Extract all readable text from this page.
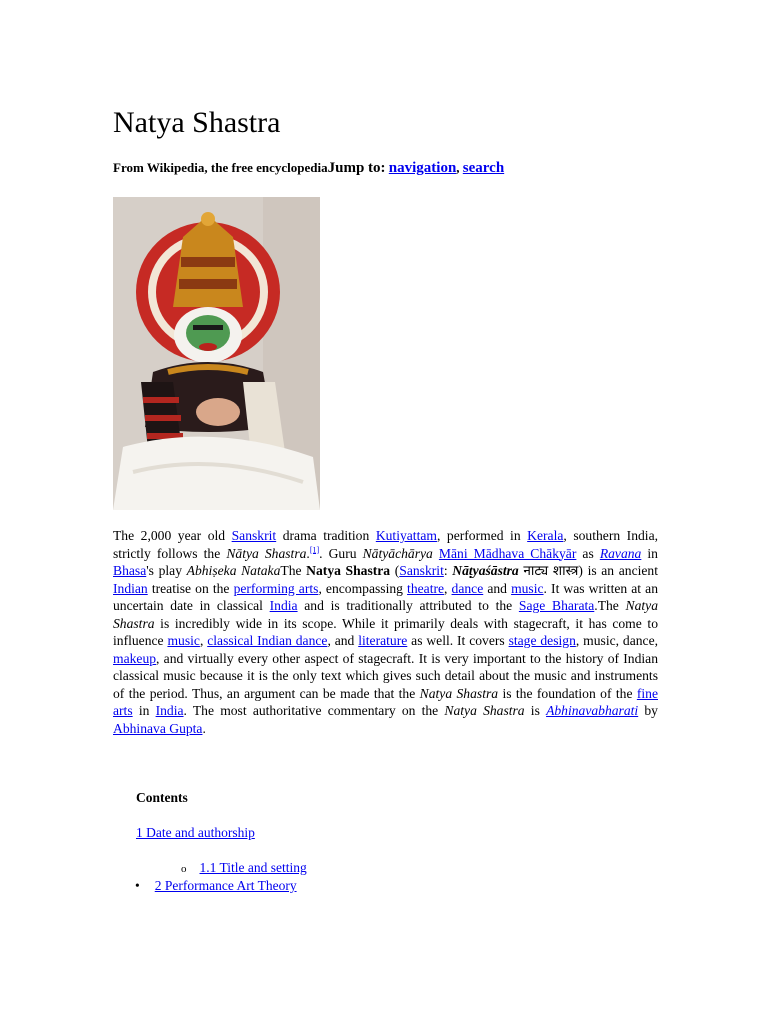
Natya Shastra
From Wikipedia, the free encyclopediaJump to: navigation, search

The 2,000 year old Sanskrit drama tradition Kutiyattam, performed in Kerala, southern India, strictly follows the Nātya Shastra.[1]. Guru Nātyāchārya Māni Mādhava Chākyār as Ravana in Bhasa's play Abhiṣeka NatakaThe Natya Shastra (Sanskrit: Nāṭyaśāstra नाट्य शास्त्र) is an ancient Indian treatise on the performing arts, encompassing theatre, dance and music. It was written at an uncertain date in classical India and is traditionally attributed to the Sage Bharata.The Natya Shastra is incredibly wide in its scope. While it primarily deals with stagecraft, it has come to influence music, classical Indian dance, and literature as well. It covers stage design, music, dance, makeup, and virtually every other aspect of stagecraft. It is very important to the history of Indian classical music because it is the only text which gives such detail about the music and instruments of the period. Thus, an argument can be made that the Natya Shastra is the foundation of the fine arts in India. The most authoritative commentary on the Natya Shastra is Abhinavabharati by Abhinava Gupta.

Contents
1 Date and authorship
o 1.1 Title and setting
• 2 Performance Art Theory
